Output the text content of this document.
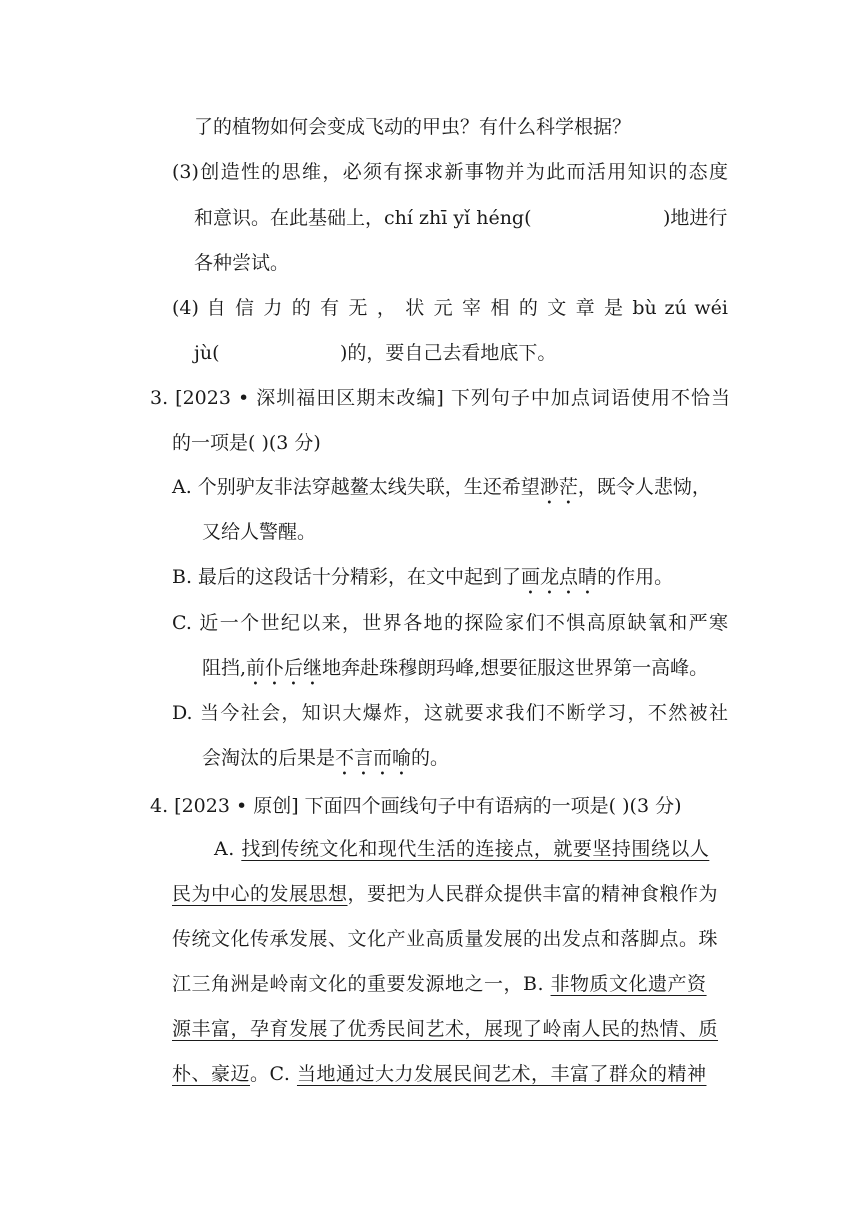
了的植物如何会变成飞动的甲虫？有什么科学根据？
(3)创造性的思维，必须有探求新事物并为此而活用知识的态度
和意识。在此基础上，chí zhī yǐ héng(	)地进行
各种尝试。
(4) 自 信 力 的 有 无 ， 状 元 宰 相 的 文 章 是 bù zú wéi
jù(	)的，要自己去看地底下。
3. [2023 • 深圳福田区期末改编] 下列句子中加点词语使用不恰当
的一项是( )(3 分)
A. 个别驴友非法穿越鳌太线失联，生还希望渺茫，既令人悲恸，
又给人警醒。
B. 最后的这段话十分精彩，在文中起到了画龙点睛的作用。
C. 近一个世纪以来，世界各地的探险家们不惧高原缺氧和严寒
阻挡,前仆后继地奔赴珠穆朗玛峰,想要征服这世界第一高峰。
D. 当今社会，知识大爆炸，这就要求我们不断学习，不然被社
会淘汰的后果是不言而喻的。
4. [2023 • 原创] 下面四个画线句子中有语病的一项是( )(3 分)
A. 找到传统文化和现代生活的连接点，就要坚持围绕以人
民为中心的发展思想，要把为人民群众提供丰富的精神食粮作为
传统文化传承发展、文化产业高质量发展的出发点和落脚点。珠
江三角洲是岭南文化的重要发源地之一，B. 非物质文化遗产资
源丰富，孕育发展了优秀民间艺术，展现了岭南人民的热情、质
朴、豪迈。C. 当地通过大力发展民间艺术，丰富了群众的精神
